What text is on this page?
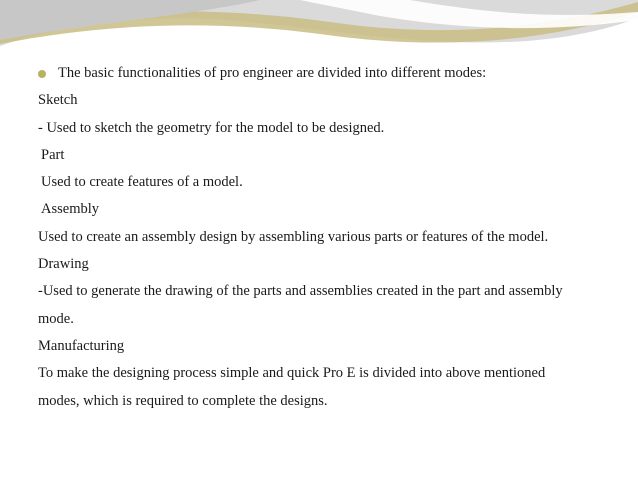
The basic functionalities of pro engineer are divided into different modes:

Sketch

- Used to sketch the geometry for the model to be designed.

Part

Used to create features of a model.

Assembly

Used to create an assembly design by assembling various parts or features of the model.

Drawing

-Used to generate the drawing of the parts and assemblies created in the part and assembly mode.

Manufacturing

To make the designing process simple and quick Pro E is divided into above mentioned modes, which is required to complete the designs.
